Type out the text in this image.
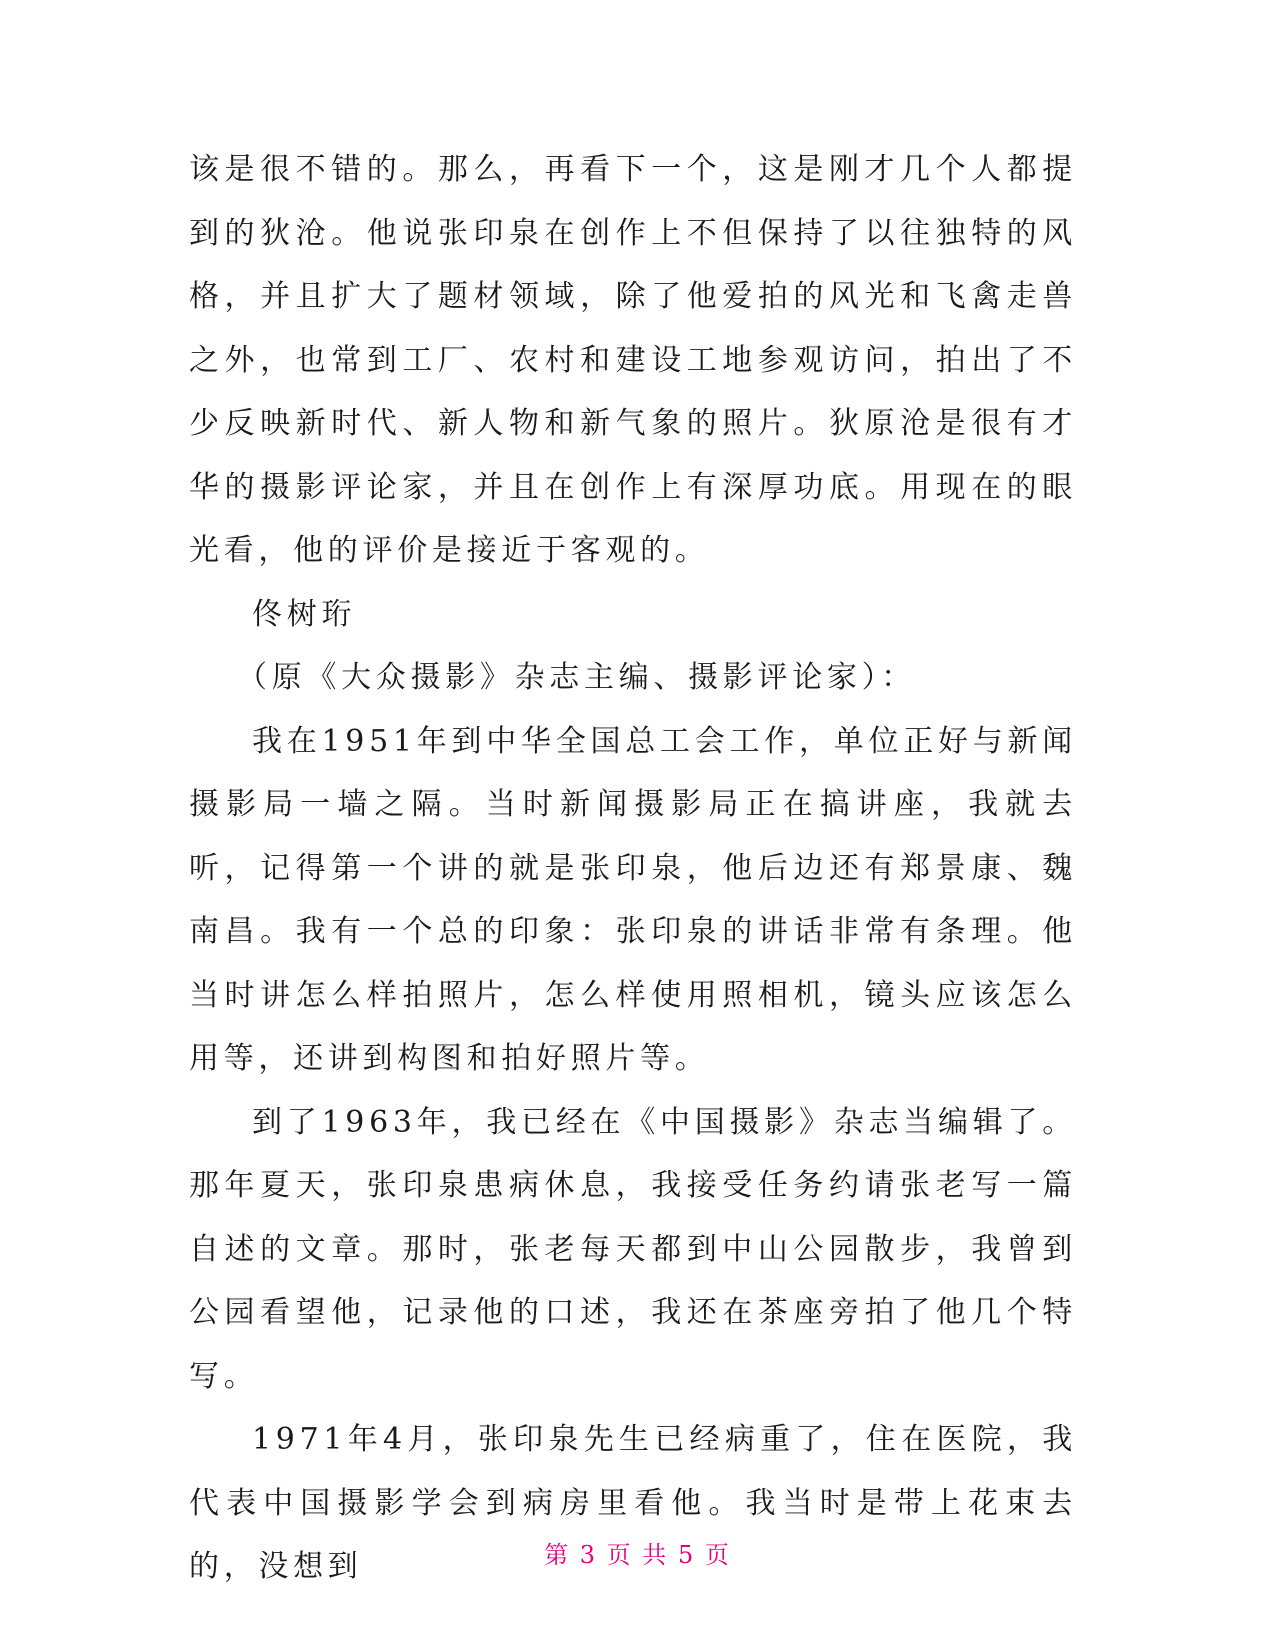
该是很不错的。那么，再看下一个，这是刚才几个人都提到的狄沧。他说张印泉在创作上不但保持了以往独特的风格，并且扩大了题材领域，除了他爱拍的风光和飞禽走兽之外，也常到工厂、农村和建设工地参观访问，拍出了不少反映新时代、新人物和新气象的照片。狄原沧是很有才华的摄影评论家，并且在创作上有深厚功底。用现在的眼光看，他的评价是接近于客观的。

佟树珩

（原《大众摄影》杂志主编、摄影评论家）：

我在1951年到中华全国总工会工作，单位正好与新闻摄影局一墙之隔。当时新闻摄影局正在搞讲座，我就去听，记得第一个讲的就是张印泉，他后边还有郑景康、魏南昌。我有一个总的印象：张印泉的讲话非常有条理。他当时讲怎么样拍照片，怎么样使用照相机，镜头应该怎么用等，还讲到构图和拍好照片等。

到了1963年，我已经在《中国摄影》杂志当编辑了。那年夏天，张印泉患病休息，我接受任务约请张老写一篇自述的文章。那时，张老每天都到中山公园散步，我曾到公园看望他，记录他的口述，我还在茶座旁拍了他几个特写。

1971年4月，张印泉先生已经病重了，住在医院，我代表中国摄影学会到病房里看他。我当时是带上花束去的，没想到	第 3 页 共 5 页
